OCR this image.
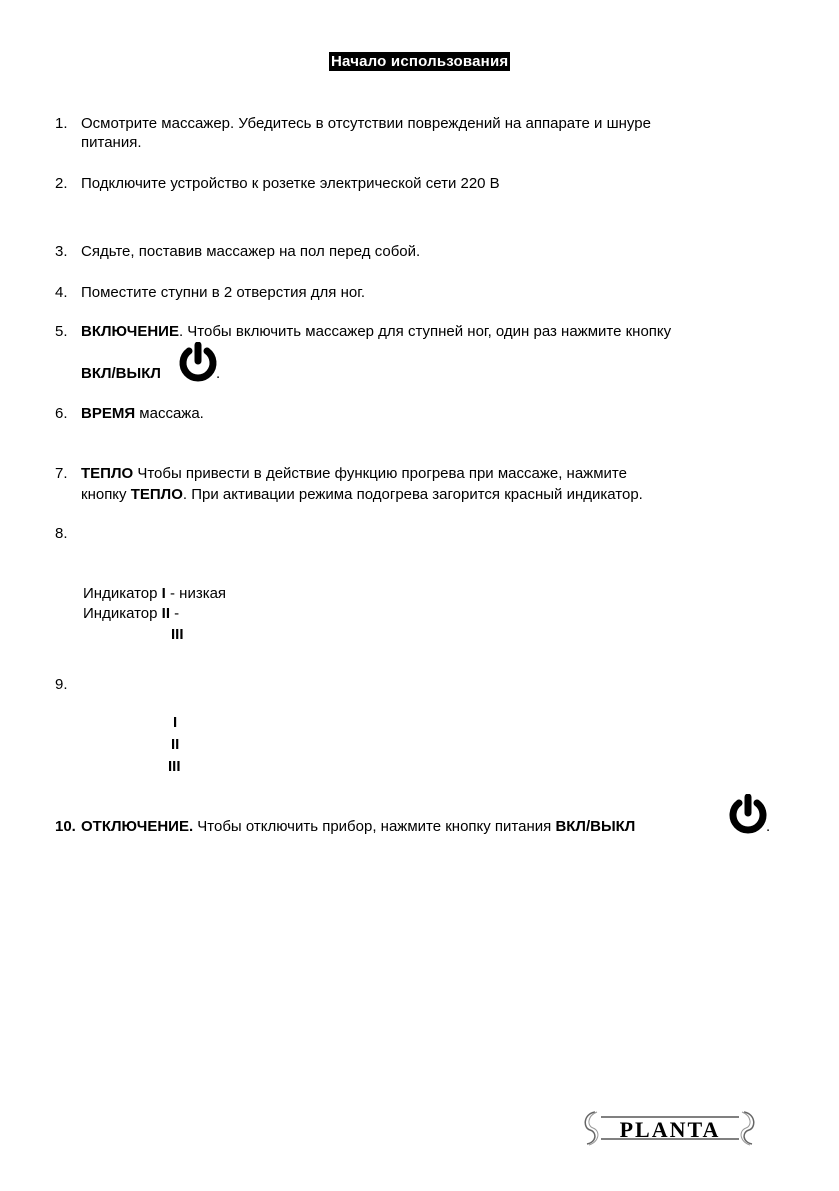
Начало использования
1. Осмотрите массажер. Убедитесь в отсутствии повреждений на аппарате и шнуре
питания.
2. Подключите устройство к розетке электрической сети 220 В
3. Сядьте, поставив массажер на пол перед собой.
4. Поместите ступни в 2 отверстия для ног.
5. ВКЛЮЧЕНИЕ. Чтобы включить массажер для ступней ног, один раз нажмите кнопку
ВКЛ/ВЫКЛ	.
6. ВРЕМЯ массажа.
7. ТЕПЛО Чтобы привести в действие функцию прогрева при массаже, нажмите
кнопку ТЕПЛО. При активации режима подогрева загорится красный индикатор.
8.
Индикатор I - низкая
Индикатор II -
III
9.
I
II
III
10. ОТКЛЮЧЕНИЕ. Чтобы отключить прибор, нажмите кнопку питания ВКЛ/ВЫКЛ	.
PLANTA
